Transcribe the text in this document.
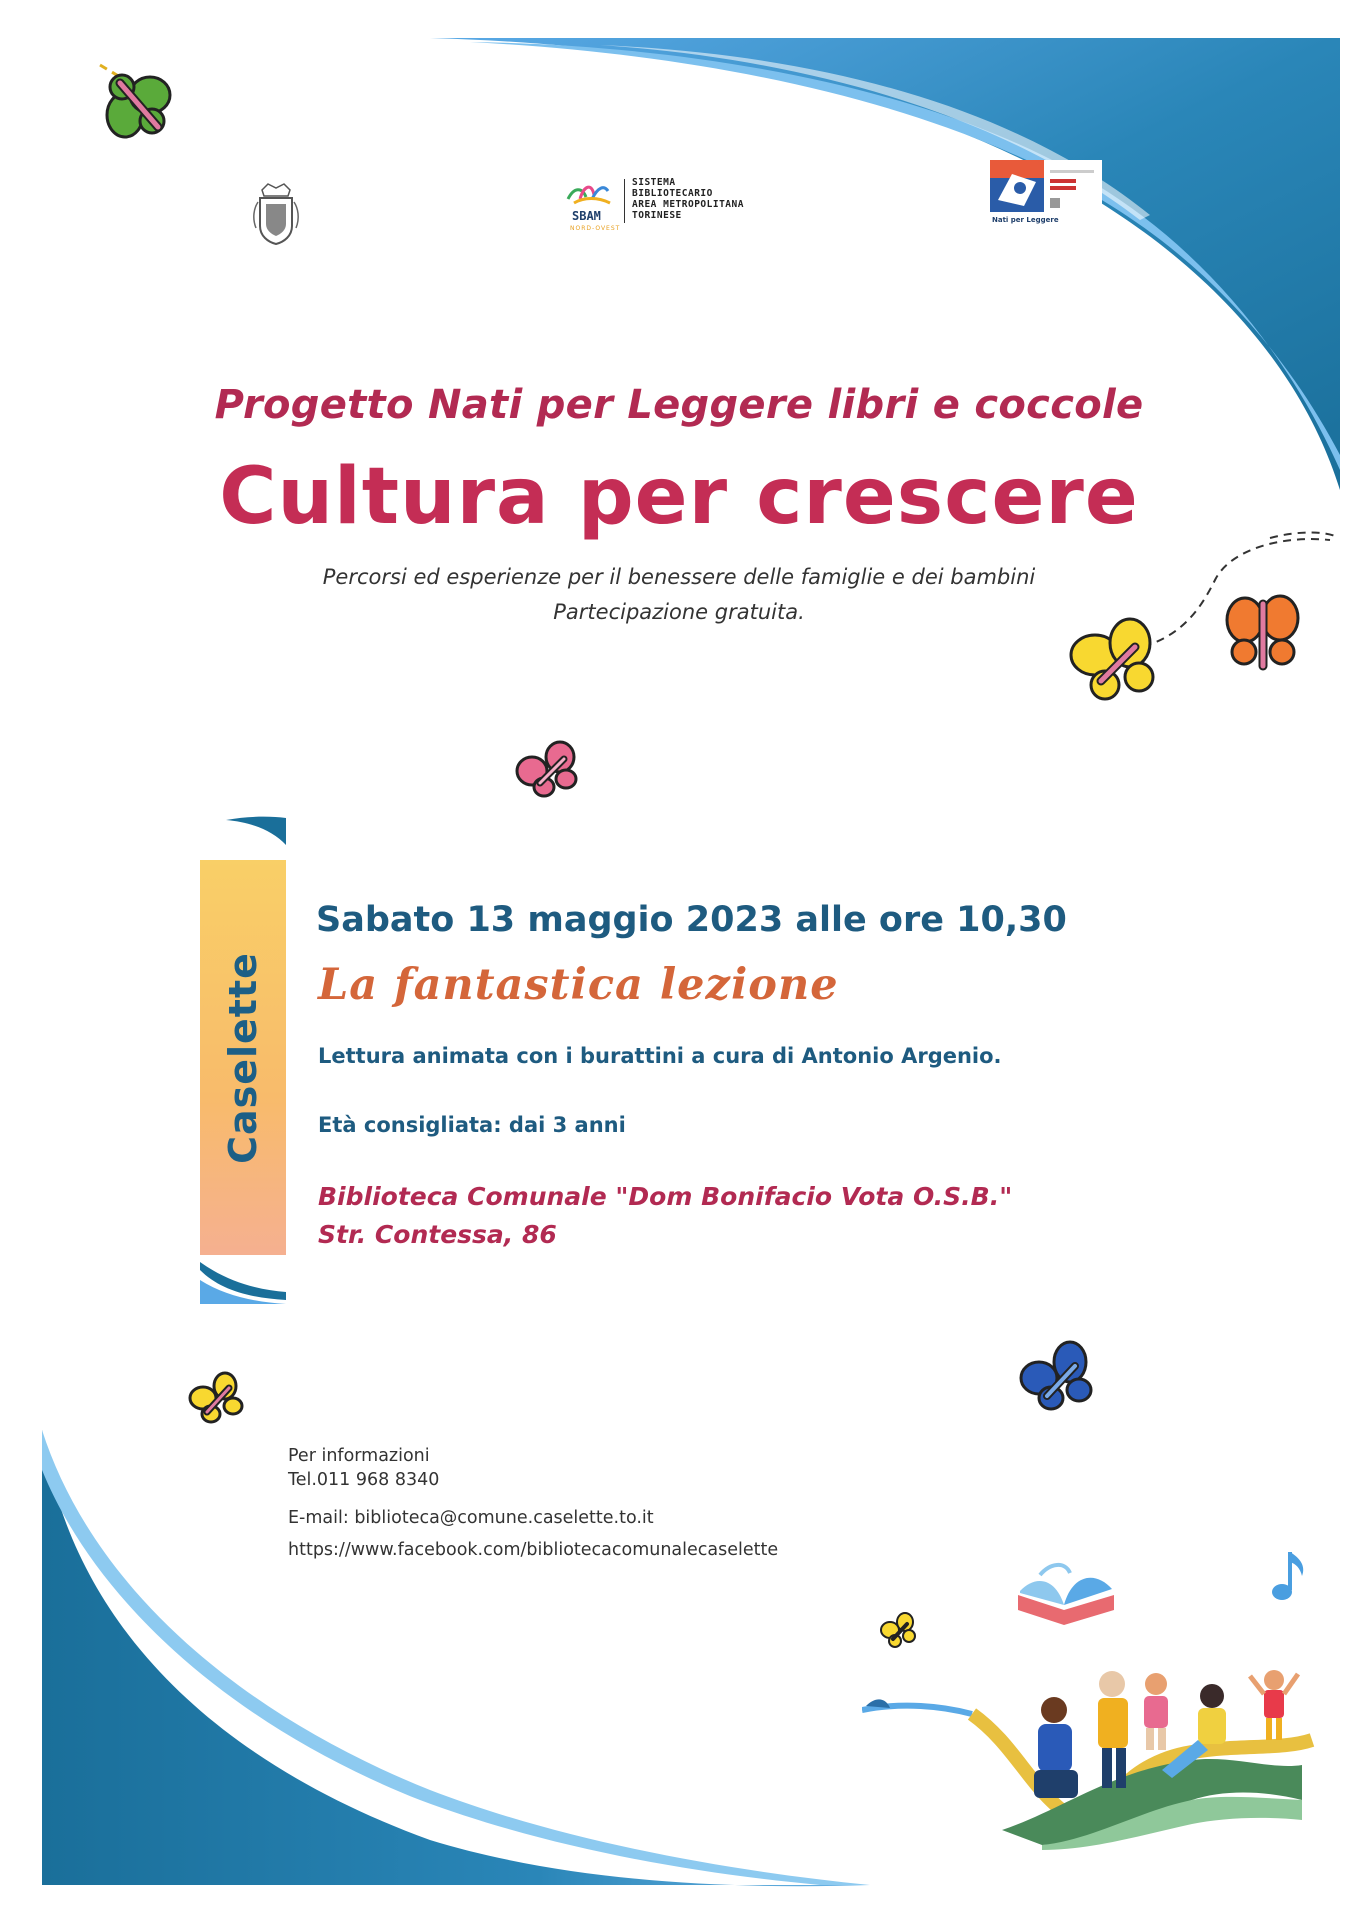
SBAM
NORD-OVEST
SISTEMA
BIBLIOTECARIO
AREA METROPOLITANA
TORINESE	Nati per Leggere
Progetto Nati per Leggere libri e coccole
Cultura per crescere
Percorsi ed esperienze per il benessere delle famiglie e dei bambini
Partecipazione gratuita.
Caselette
Sabato 13 maggio 2023 alle ore 10,30
La fantastica lezione
Lettura animata con i burattini a cura di Antonio Argenio.
Età consigliata: dai 3 anni
Biblioteca Comunale "Dom Bonifacio Vota O.S.B."
Str. Contessa, 86
Per informazioni
Tel.011 968 8340
E-mail: biblioteca@comune.caselette.to.it
https://www.facebook.com/bibliotecacomunalecaselette
